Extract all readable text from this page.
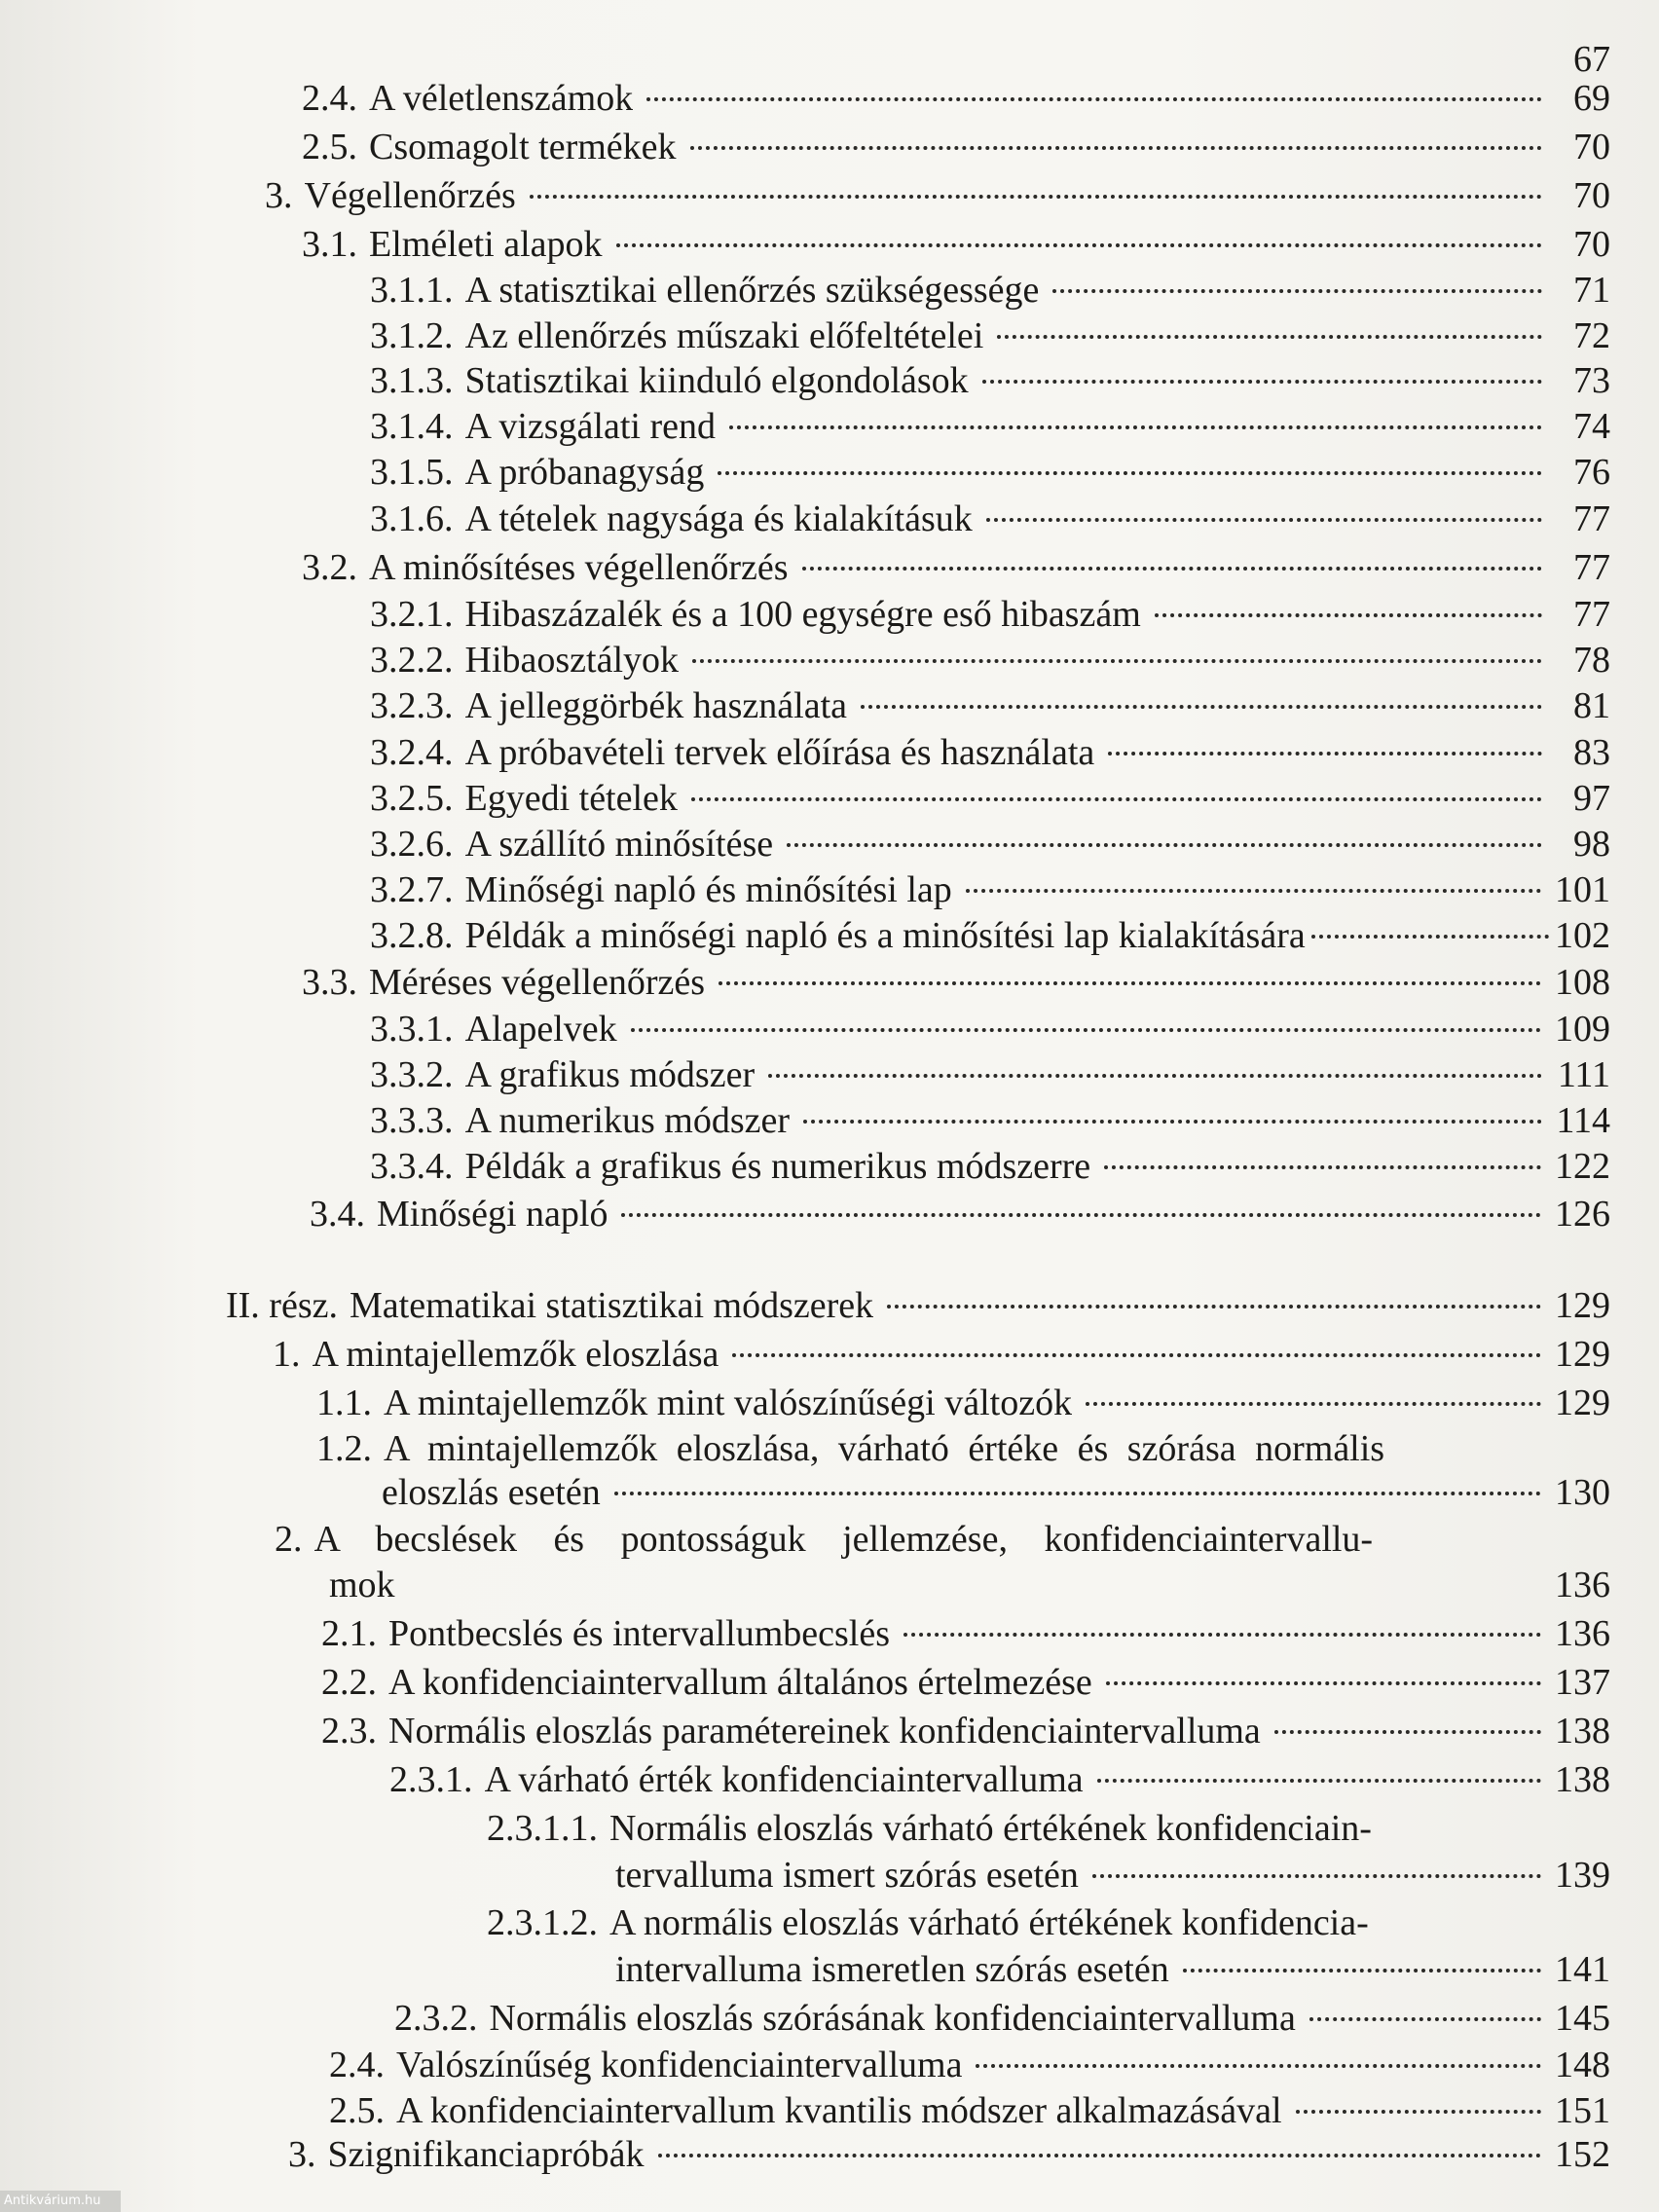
67
2.4. A véletlenszámok	69
2.5. Csomagolt termékek	70
3. Végellenőrzés	70
3.1. Elméleti alapok	70
3.1.1. A statisztikai ellenőrzés szükségessége	71
3.1.2. Az ellenőrzés műszaki előfeltételei	72
3.1.3. Statisztikai kiinduló elgondolások	73
3.1.4. A vizsgálati rend	74
3.1.5. A próbanagyság	76
3.1.6. A tételek nagysága és kialakításuk	77
3.2. A minősítéses végellenőrzés	77
3.2.1. Hibaszázalék és a 100 egységre eső hibaszám	77
3.2.2. Hibaosztályok	78
3.2.3. A jelleggörbék használata	81
3.2.4. A próbavételi tervek előírása és használata	83
3.2.5. Egyedi tételek	97
3.2.6. A szállító minősítése	98
3.2.7. Minőségi napló és minősítési lap	101
3.2.8. Példák a minőségi napló és a minősítési lap kialakítására	102
3.3. Méréses végellenőrzés	108
3.3.1. Alapelvek	109
3.3.2. A grafikus módszer	111
3.3.3. A numerikus módszer	114
3.3.4. Példák a grafikus és numerikus módszerre	122
3.4. Minőségi napló	126
II. rész. Matematikai statisztikai módszerek	129
1. A mintajellemzők eloszlása	129
1.1. A mintajellemzők mint valószínűségi változók	129
1.2. A mintajellemzők eloszlása, várható értéke és szórása normális
eloszlás esetén	130
2. A becslések és pontosságuk jellemzése, konfidenciaintervallu-
mok	136
2.1. Pontbecslés és intervallumbecslés	136
2.2. A konfidenciaintervallum általános értelmezése	137
2.3. Normális eloszlás paramétereinek konfidenciaintervalluma	138
2.3.1. A várható érték konfidenciaintervalluma	138
2.3.1.1. Normális eloszlás várható értékének konfidenciain-
tervalluma ismert szórás esetén	139
2.3.1.2. A normális eloszlás várható értékének konfidencia-
intervalluma ismeretlen szórás esetén	141
2.3.2. Normális eloszlás szórásának konfidenciaintervalluma	145
2.4. Valószínűség konfidenciaintervalluma	148
2.5. A konfidenciaintervallum kvantilis módszer alkalmazásával	151
3. Szignifikanciapróbák	152
Antikvárium.hu
